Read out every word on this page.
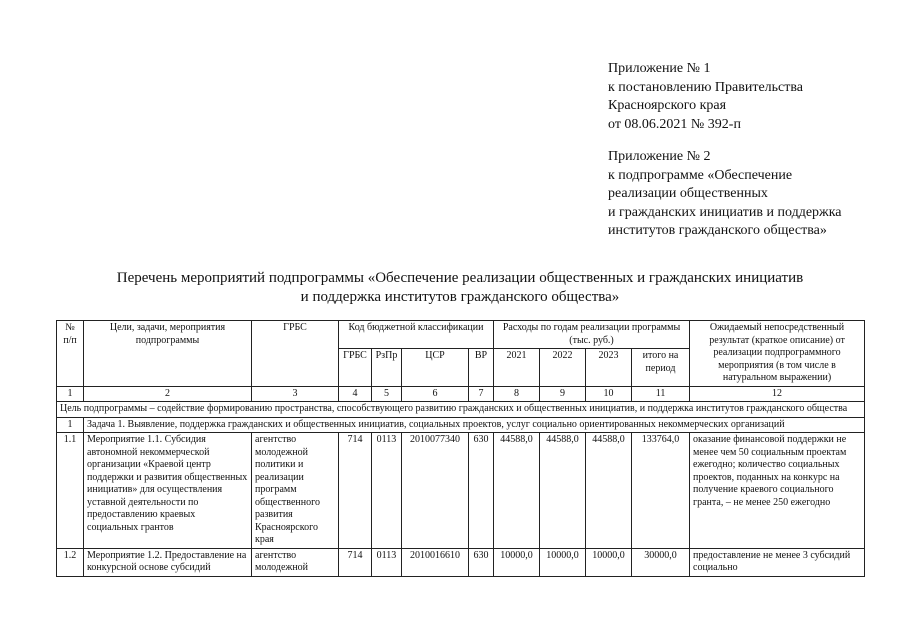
Приложение № 1
к постановлению Правительства
Красноярского края
от 08.06.2021 № 392-п
Приложение № 2
к подпрограмме «Обеспечение
реализации общественных
и гражданских инициатив и поддержка
институтов гражданского общества»
Перечень мероприятий подпрограммы «Обеспечение реализации общественных и гражданских инициатив
и поддержка институтов гражданского общества»
№ п/п	Цели, задачи, мероприятия подпрограммы	ГРБС	Код бюджетной классификации				Расходы по годам реализации программы (тыс. руб.)				Ожидаемый непосредственный результат (краткое описание) от реализации подпрограммного мероприятия (в том числе в натуральном выражении)
			ГРБС	РзПр	ЦСР	ВР	2021	2022	2023	итого на период	
1	2	3	4	5	6	7	8	9	10	11	12
Цель подпрограммы – содействие формированию пространства, способствующего развитию гражданских и общественных инициатив, и поддержка институтов гражданского общества											
1	Задача 1. Выявление, поддержка гражданских и общественных инициатив, социальных проектов, услуг социально ориентированных некоммерческих организаций										
1.1	Мероприятие 1.1. Субсидия автономной некоммерческой организации «Краевой центр поддержки и развития общественных инициатив» для осуществления уставной деятельности по предоставлению краевых социальных грантов	агентство молодежной политики и реализации программ общественного развития Красноярского края	714	0113	2010077340	630	44588,0	44588,0	44588,0	133764,0	оказание финансовой поддержки не менее чем 50 социальным проектам ежегодно; количество социальных проектов, поданных на конкурс на получение краевого социального гранта, – не менее 250 ежегодно
1.2	Мероприятие 1.2. Предоставление на конкурсной основе субсидий	агентство молодежной	714	0113	2010016610	630	10000,0	10000,0	10000,0	30000,0	предоставление не менее 3 субсидий социально
